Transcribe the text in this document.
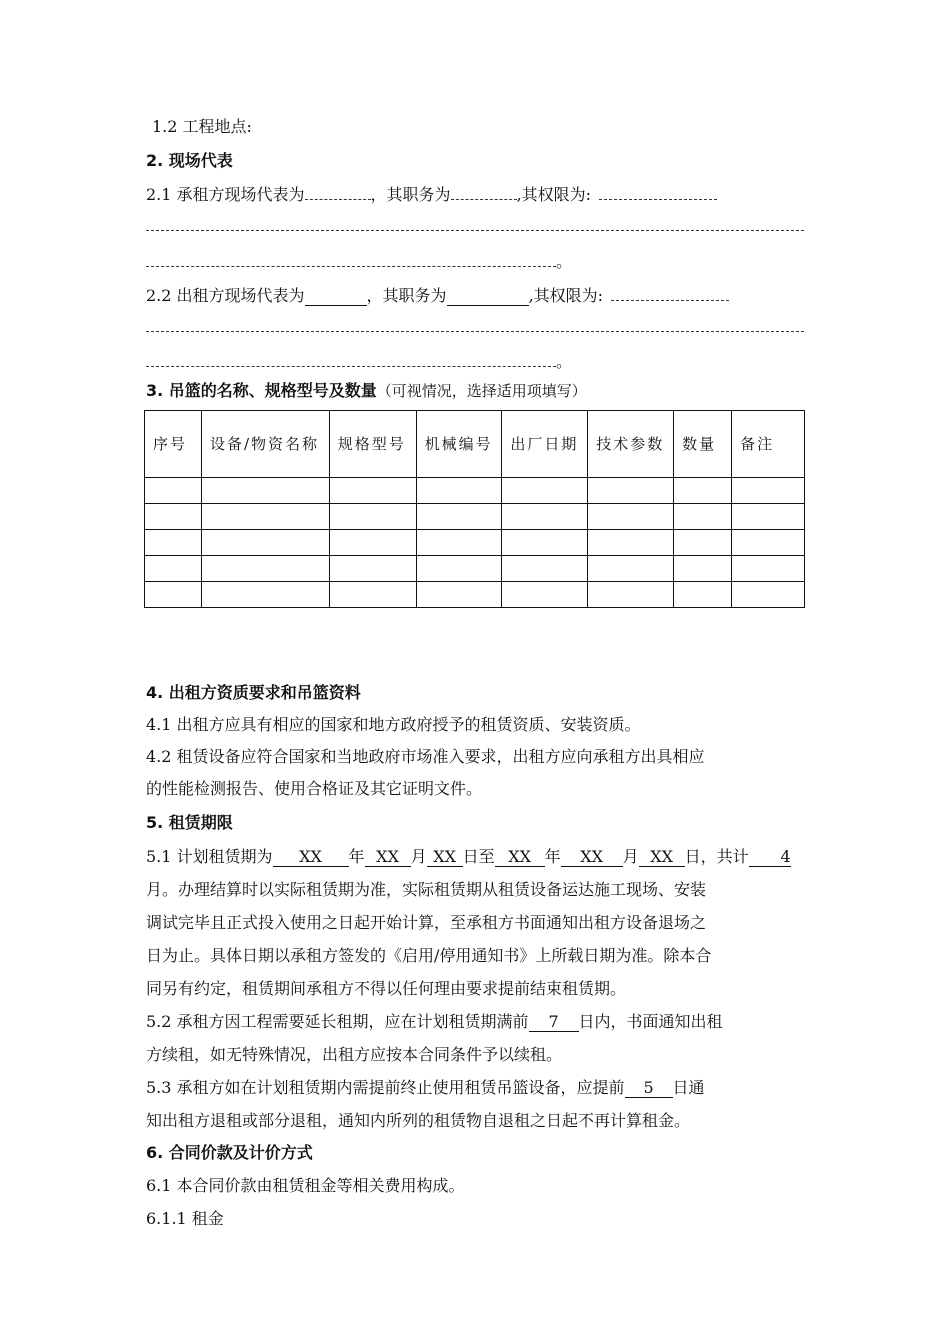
1.2 工程地点:
2. 现场代表
2.1 承租方现场代表为	，其职务为	,其权限为:
。
2.2 出租方现场代表为	，其职务为	,其权限为:
。
3. 吊篮的名称、规格型号及数量（可视情况，选择适用项填写）
序号	设备/物资名称	规格型号	机械编号	出厂日期	技术参数	数量	备注

4. 出租方资质要求和吊篮资料
4.1 出租方应具有相应的国家和地方政府授予的租赁资质、安装资质。
4.2 租赁设备应符合国家和当地政府市场准入要求，出租方应向承租方出具相应
的性能检测报告、使用合格证及其它证明文件。
5. 租赁期限
5.1 计划租赁期为 XX 年 XX 月 XX 日至 XX 年 XX 月 XX 日，共计 4
月。办理结算时以实际租赁期为准，实际租赁期从租赁设备运达施工现场、安装
调试完毕且正式投入使用之日起开始计算，至承租方书面通知出租方设备退场之
日为止。具体日期以承租方签发的《启用/停用通知书》上所载日期为准。除本合
同另有约定，租赁期间承租方不得以任何理由要求提前结束租赁期。
5.2 承租方因工程需要延长租期，应在计划租赁期满前 7 日内，书面通知出租
方续租，如无特殊情况，出租方应按本合同条件予以续租。
5.3 承租方如在计划租赁期内需提前终止使用租赁吊篮设备，应提前 5 日通
知出租方退租或部分退租，通知内所列的租赁物自退租之日起不再计算租金。
6. 合同价款及计价方式
6.1 本合同价款由租赁租金等相关费用构成。
6.1.1 租金
